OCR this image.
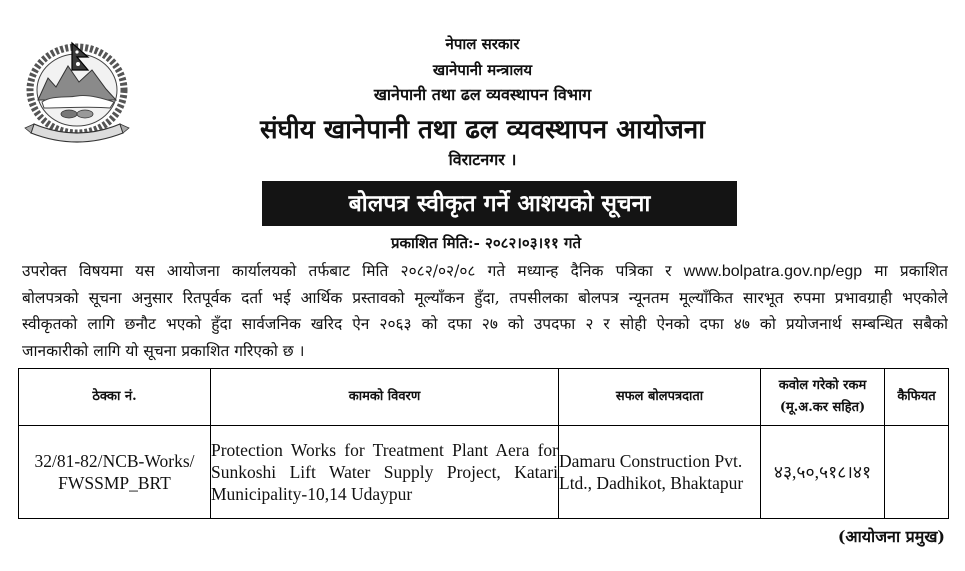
नेपाल सरकार
खानेपानी मन्त्रालय
खानेपानी तथा ढल व्यवस्थापन विभाग
संघीय खानेपानी तथा ढल व्यवस्थापन आयोजना
विराटनगर ।
बोलपत्र स्वीकृत गर्ने आशयको सूचना
प्रकाशित मिति:- २०८२।०३।११ गते
उपरोक्त विषयमा यस आयोजना कार्यालयको तर्फबाट मिति २०८२/०२/०८ गते मध्यान्ह दैनिक पत्रिका र www.bolpatra.gov.np/egp मा प्रकाशित
बोलपत्रको सूचना अनुसार रितपूर्वक दर्ता भई आर्थिक प्रस्तावको मूल्याँकन हुँदा, तपसीलका बोलपत्र न्यूनतम मूल्याँकित सारभूत रुपमा प्रभावग्राही भएकोले
स्वीकृतको लागि छनौट भएको हुँदा सार्वजनिक खरिद ऐन २०६३ को दफा २७ को उपदफा २ र सोही ऐनको दफा ४७ को प्रयोजनार्थ सम्बन्धित सबैको
जानकारीको लागि यो सूचना प्रकाशित गरिएको छ ।
ठेक्का नं.	कामको विवरण	सफल बोलपत्रदाता	कवोल गरेको रकम
(मू.अ.कर सहित)	कैफियत

32/81-82/NCB-Works/FWSSMP_BRT	Protection Works for Treatment Plant Aera for Sunkoshi Lift Water Supply Project, Katari Municipality-10,14 Udaypur	Damaru Construction Pvt. Ltd., Dadhikot, Bhaktapur	४३,५०,५१८।४१	
(आयोजना प्रमुख)
